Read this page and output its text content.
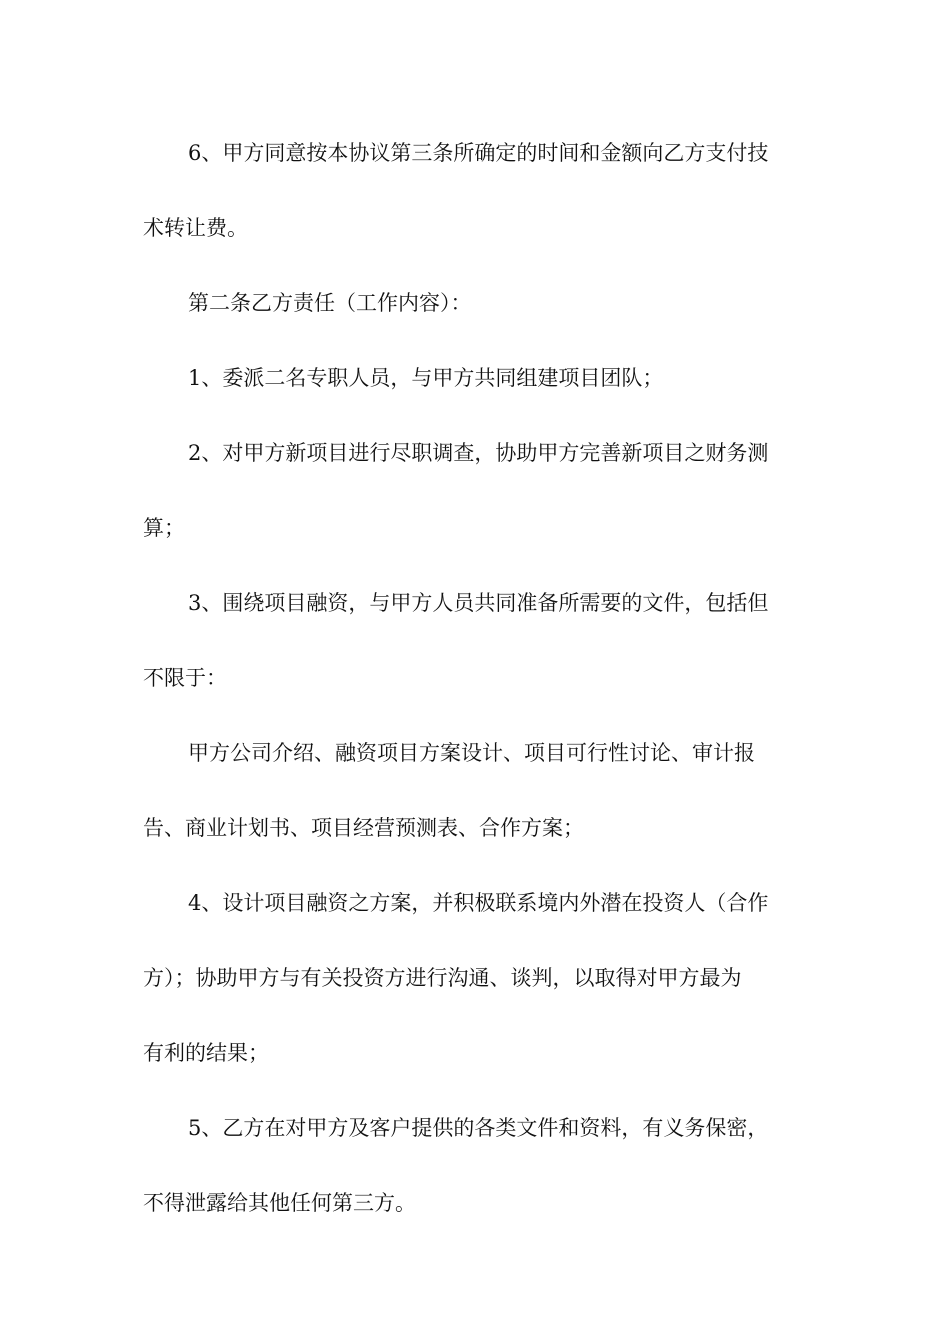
6、甲方同意按本协议第三条所确定的时间和金额向乙方支付技
术转让费。
第二条乙方责任（工作内容）：
1、委派二名专职人员，与甲方共同组建项目团队；
2、对甲方新项目进行尽职调查，协助甲方完善新项目之财务测
算；
3、围绕项目融资，与甲方人员共同准备所需要的文件，包括但
不限于：
甲方公司介绍、融资项目方案设计、项目可行性讨论、审计报
告、商业计划书、项目经营预测表、合作方案；
4、设计项目融资之方案，并积极联系境内外潜在投资人（合作
方）；协助甲方与有关投资方进行沟通、谈判，以取得对甲方最为
有利的结果；
5、乙方在对甲方及客户提供的各类文件和资料，有义务保密，
不得泄露给其他任何第三方。
